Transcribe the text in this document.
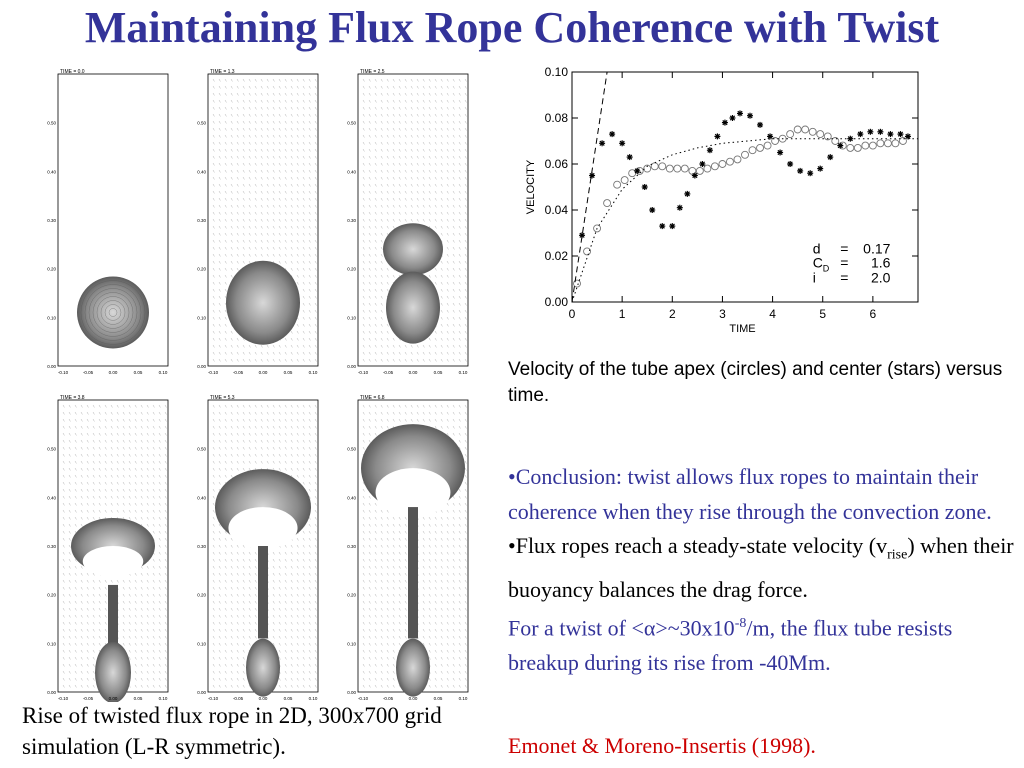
Maintaining Flux Rope Coherence with Twist
TIME = 0.0
0.00
0.10
0.20
0.30
0.40
0.50
-0.10	-0.05	0.00	0.05	0.10
TIME = 1.3
0.00
0.10
0.20
0.30
0.40
0.50
-0.10	-0.05	0.00	0.05	0.10
TIME = 2.5
0.00
0.10
0.20
0.30
0.40
0.50
-0.10	-0.05	0.00	0.05	0.10
TIME = 3.8
0.00
0.10
0.20
0.30
0.40
0.50
-0.10	-0.05	0.00	0.05	0.10
TIME = 5.3
0.00
0.10
0.20
0.30
0.40
0.50
-0.10	-0.05	0.00	0.05	0.10
TIME = 6.8
0.00
0.10
0.20
0.30
0.40
0.50
-0.10	-0.05	0.00	0.05	0.10
Rise of twisted flux rope in 2D, 300x700 grid simulation (L-R symmetric).
0.00
0.02
0.04
0.06
0.08
0.10
0	1	2	3	4	5	6
TIME
VELOCITY
d = 0.17
C D = 1.6
i = 2.0
Velocity of the tube apex (circles) and center (stars) versus time.
•Conclusion: twist allows flux ropes to maintain their coherence when they rise through the convection zone.
•Flux ropes reach a steady-state velocity $(v_{rise})$ when their buoyancy balances the drag force.
For a twist of $<\alpha>\sim 30x10^{-8}/m$, the flux tube resists breakup during its rise from -40Mm.
Emonet & Moreno-Insertis (1998).
